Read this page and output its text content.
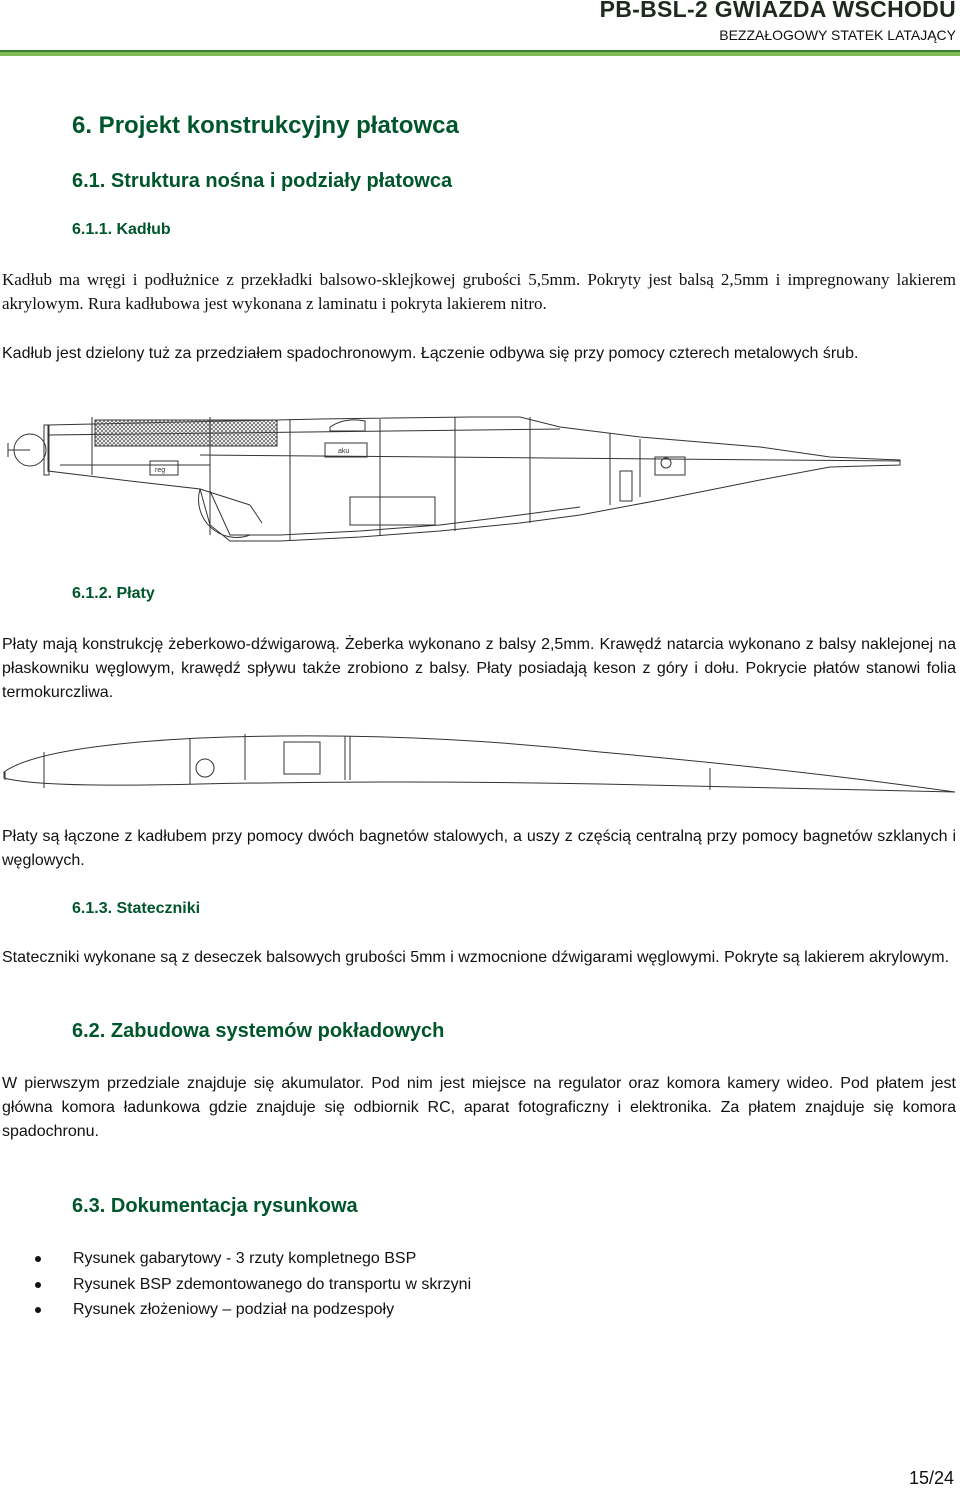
PB-BSL-2 GWIAZDA WSCHODU
BEZZAŁOGOWY STATEK LATAJĄCY
6. Projekt konstrukcyjny płatowca
6.1. Struktura nośna i podziały płatowca
6.1.1. Kadłub

Kadłub ma wręgi i podłużnice z przekładki balsowo-sklejkowej grubości 5,5mm. Pokryty jest balsą 2,5mm i impregnowany lakierem akrylowym. Rura kadłubowa jest wykonana z laminatu i pokryta lakierem nitro.

Kadłub jest dzielony tuż za przedziałem spadochronowym. Łączenie odbywa się przy pomocy czterech metalowych śrub.

reg
aku
6.1.2. Płaty

Płaty mają konstrukcję żeberkowo-dźwigarową. Żeberka wykonano z balsy 2,5mm. Krawędź natarcia wykonano z balsy naklejonej na płaskowniku węglowym, krawędź spływu także zrobiono z balsy. Płaty posiadają keson z góry i dołu. Pokrycie płatów stanowi folia termokurczliwa.

Płaty są łączone z kadłubem przy pomocy dwóch bagnetów stalowych, a uszy z częścią centralną przy pomocy bagnetów szklanych i węglowych.

6.1.3. Stateczniki

Stateczniki wykonane są z deseczek balsowych grubości 5mm i wzmocnione dźwigarami węglowymi. Pokryte są lakierem akrylowym.

6.2. Zabudowa systemów pokładowych

W pierwszym przedziale znajduje się akumulator. Pod nim jest miejsce na regulator oraz komora kamery wideo. Pod płatem jest główna komora ładunkowa gdzie znajduje się odbiornik RC, aparat fotograficzny i elektronika. Za płatem znajduje się komora spadochronu.

6.3. Dokumentacja rysunkowa
Rysunek gabarytowy - 3 rzuty kompletnego BSP
Rysunek BSP zdemontowanego do transportu w skrzyni
Rysunek złożeniowy – podział na podzespoły
15/24
